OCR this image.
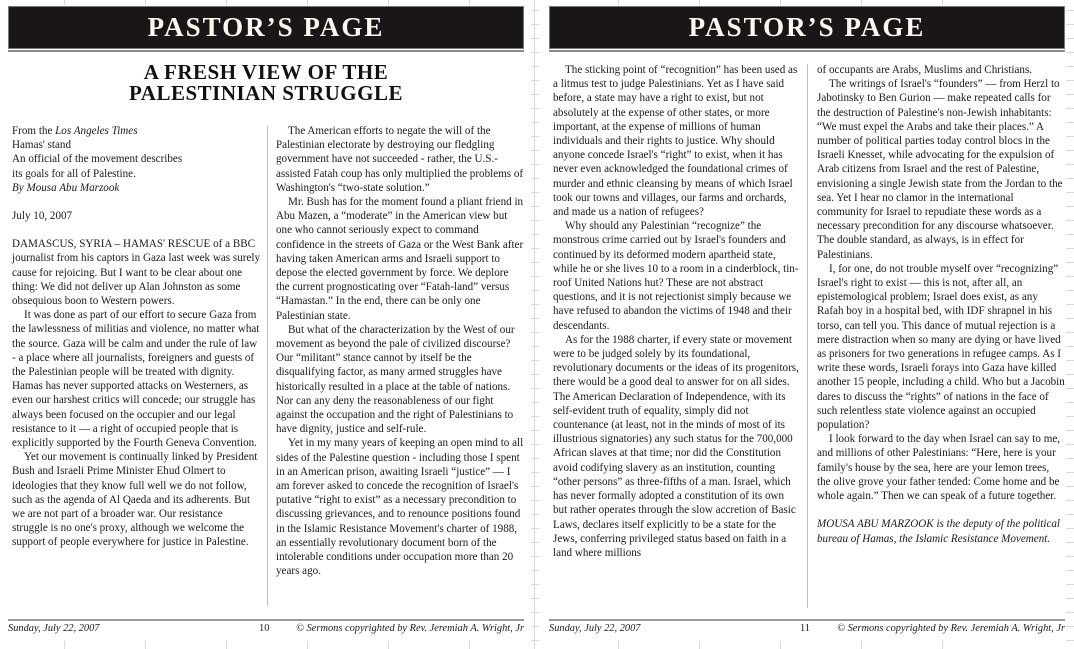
PASTOR’S PAGE
A FRESH VIEW OF THE
PALESTINIAN STRUGGLE

From the Los Angeles Times

Hamas' stand

An official of the movement describes

its goals for all of Palestine.

By Mousa Abu Marzook

July 10, 2007

DAMASCUS, SYRIA – HAMAS' RESCUE of a BBC journalist from his captors in Gaza last week was surely cause for rejoicing. But I want to be clear about one thing: We did not deliver up Alan Johnston as some obsequious boon to Western powers.

It was done as part of our effort to secure Gaza from the lawlessness of militias and violence, no matter what the source. Gaza will be calm and under the rule of law - a place where all journalists, foreigners and guests of the Palestinian people will be treated with dignity. Hamas has never supported attacks on Westerners, as even our harshest critics will concede; our struggle has always been focused on the occupier and our legal resistance to it — a right of occupied people that is explicitly supported by the Fourth Geneva Convention.

Yet our movement is continually linked by President Bush and Israeli Prime Minister Ehud Olmert to ideologies that they know full well we do not follow, such as the agenda of Al Qaeda and its adherents. But we are not part of a broader war. Our resistance struggle is no one's proxy, although we welcome the support of people everywhere for justice in Palestine.

The American efforts to negate the will of the Palestinian electorate by destroying our fledgling government have not succeeded - rather, the U.S.-assisted Fatah coup has only multiplied the problems of Washington's “two-state solution.”

Mr. Bush has for the moment found a pliant friend in Abu Mazen, a “moderate” in the American view but one who cannot seriously expect to command confidence in the streets of Gaza or the West Bank after having taken American arms and Israeli support to depose the elected government by force. We deplore the current prognosticating over “Fatah-land” versus “Hamastan.” In the end, there can be only one Palestinian state.

But what of the characterization by the West of our movement as beyond the pale of civilized discourse? Our “militant” stance cannot by itself be the disqualifying factor, as many armed struggles have historically resulted in a place at the table of nations. Nor can any deny the reasonableness of our fight against the occupation and the right of Palestinians to have dignity, justice and self-rule.

Yet in my many years of keeping an open mind to all sides of the Palestine question - including those I spent in an American prison, awaiting Israeli “justice” — I am forever asked to concede the recognition of Israel's putative “right to exist” as a necessary precondition to discussing grievances, and to renounce positions found in the Islamic Resistance Movement's charter of 1988, an essentially revolutionary document born of the intolerable conditions under occupation more than 20 years ago.

Sunday, July 22, 2007	10	© Sermons copyrighted by Rev. Jeremiah A. Wright, Jr
PASTOR’S PAGE

The sticking point of “recognition” has been used as a litmus test to judge Palestinians. Yet as I have said before, a state may have a right to exist, but not absolutely at the expense of other states, or more important, at the expense of millions of human individuals and their rights to justice. Why should anyone concede Israel's “right” to exist, when it has never even acknowledged the foundational crimes of murder and ethnic cleansing by means of which Israel took our towns and villages, our farms and orchards, and made us a nation of refugees?

Why should any Palestinian “recognize” the monstrous crime carried out by Israel's founders and continued by its deformed modern apartheid state, while he or she lives 10 to a room in a cinderblock, tin-roof United Nations hut? These are not abstract questions, and it is not rejectionist simply because we have refused to abandon the victims of 1948 and their descendants.

As for the 1988 charter, if every state or movement were to be judged solely by its foundational, revolutionary documents or the ideas of its progenitors, there would be a good deal to answer for on all sides. The American Declaration of Independence, with its self-evident truth of equality, simply did not countenance (at least, not in the minds of most of its illustrious signatories) any such status for the 700,000 African slaves at that time; nor did the Constitution avoid codifying slavery as an institution, counting “other persons” as three-fifths of a man. Israel, which has never formally adopted a constitution of its own but rather operates through the slow accretion of Basic Laws, declares itself explicitly to be a state for the Jews, conferring privileged status based on faith in a land where millions

of occupants are Arabs, Muslims and Christians.

The writings of Israel's “founders” — from Herzl to Jabotinsky to Ben Gurion — make repeated calls for the destruction of Palestine's non-Jewish inhabitants: “We must expel the Arabs and take their places.” A number of political parties today control blocs in the Israeli Knesset, while advocating for the expulsion of Arab citizens from Israel and the rest of Palestine, envisioning a single Jewish state from the Jordan to the sea. Yet I hear no clamor in the international community for Israel to repudiate these words as a necessary precondition for any discourse whatsoever. The double standard, as always, is in effect for Palestinians.

I, for one, do not trouble myself over “recognizing” Israel's right to exist — this is not, after all, an epistemological problem; Israel does exist, as any Rafah boy in a hospital bed, with IDF shrapnel in his torso, can tell you. This dance of mutual rejection is a mere distraction when so many are dying or have lived as prisoners for two generations in refugee camps. As I write these words, Israeli forays into Gaza have killed another 15 people, including a child. Who but a Jacobin dares to discuss the “rights” of nations in the face of such relentless state violence against an occupied population?

I look forward to the day when Israel can say to me, and millions of other Palestinians: “Here, here is your family's house by the sea, here are your lemon trees, the olive grove your father tended: Come home and be whole again.” Then we can speak of a future together.

MOUSA ABU MARZOOK is the deputy of the political bureau of Hamas, the Islamic Resistance Movement.

Sunday, July 22, 2007	11	© Sermons copyrighted by Rev. Jeremiah A. Wright, Jr
